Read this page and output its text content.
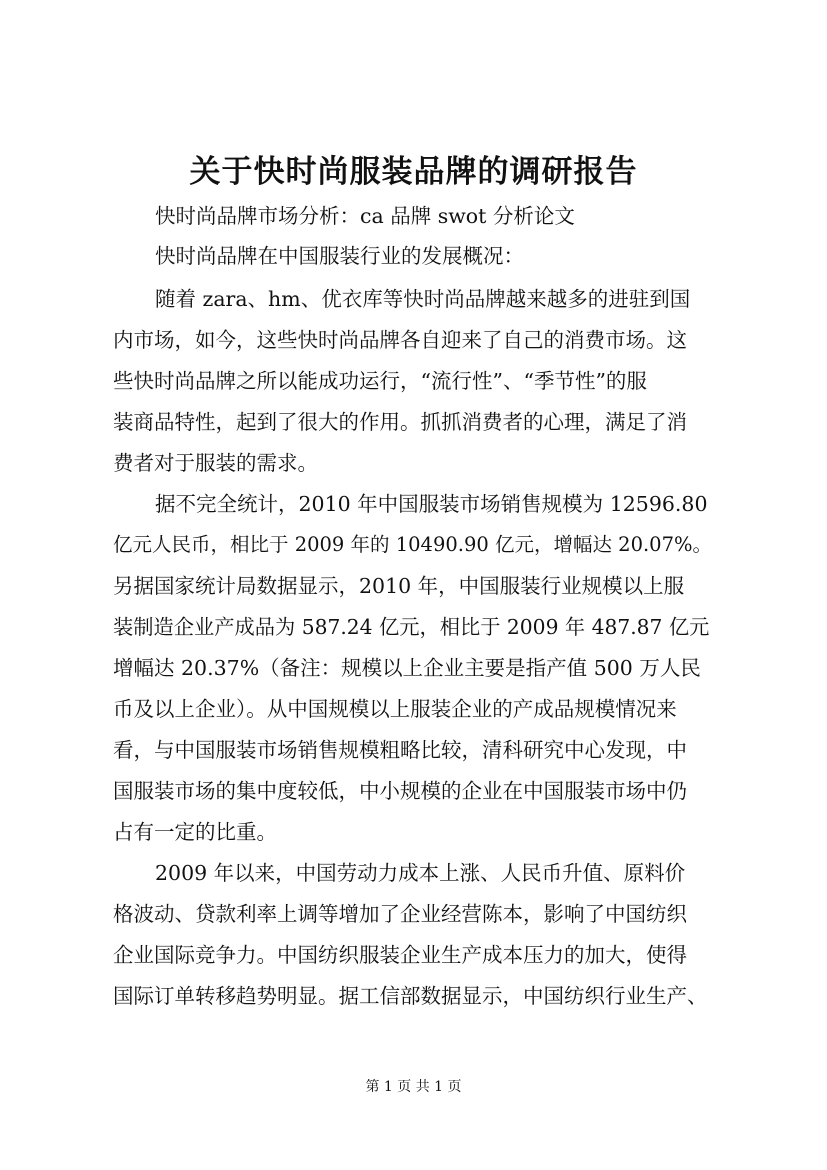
关于快时尚服装品牌的调研报告
快时尚品牌市场分析：ca 品牌 swot 分析论文
快时尚品牌在中国服装行业的发展概况：
随着 zara、hm、优衣库等快时尚品牌越来越多的进驻到国
内市场，如今，这些快时尚品牌各自迎来了自己的消费市场。这
些快时尚品牌之所以能成功运行，“流行性”、“季节性”的服
装商品特性，起到了很大的作用。抓抓消费者的心理，满足了消
费者对于服装的需求。
据不完全统计，2010 年中国服装市场销售规模为 12596.80
亿元人民币，相比于 2009 年的 10490.90 亿元，增幅达 20.07%。
另据国家统计局数据显示，2010 年，中国服装行业规模以上服
装制造企业产成品为 587.24 亿元，相比于 2009 年 487.87 亿元
增幅达 20.37%（备注：规模以上企业主要是指产值 500 万人民
币及以上企业）。从中国规模以上服装企业的产成品规模情况来
看，与中国服装市场销售规模粗略比较，清科研究中心发现，中
国服装市场的集中度较低，中小规模的企业在中国服装市场中仍
占有一定的比重。
2009 年以来，中国劳动力成本上涨、人民币升值、原料价
格波动、贷款利率上调等增加了企业经营陈本，影响了中国纺织
企业国际竞争力。中国纺织服装企业生产成本压力的加大，使得
国际订单转移趋势明显。据工信部数据显示，中国纺织行业生产、
第 1 页 共 1 页
